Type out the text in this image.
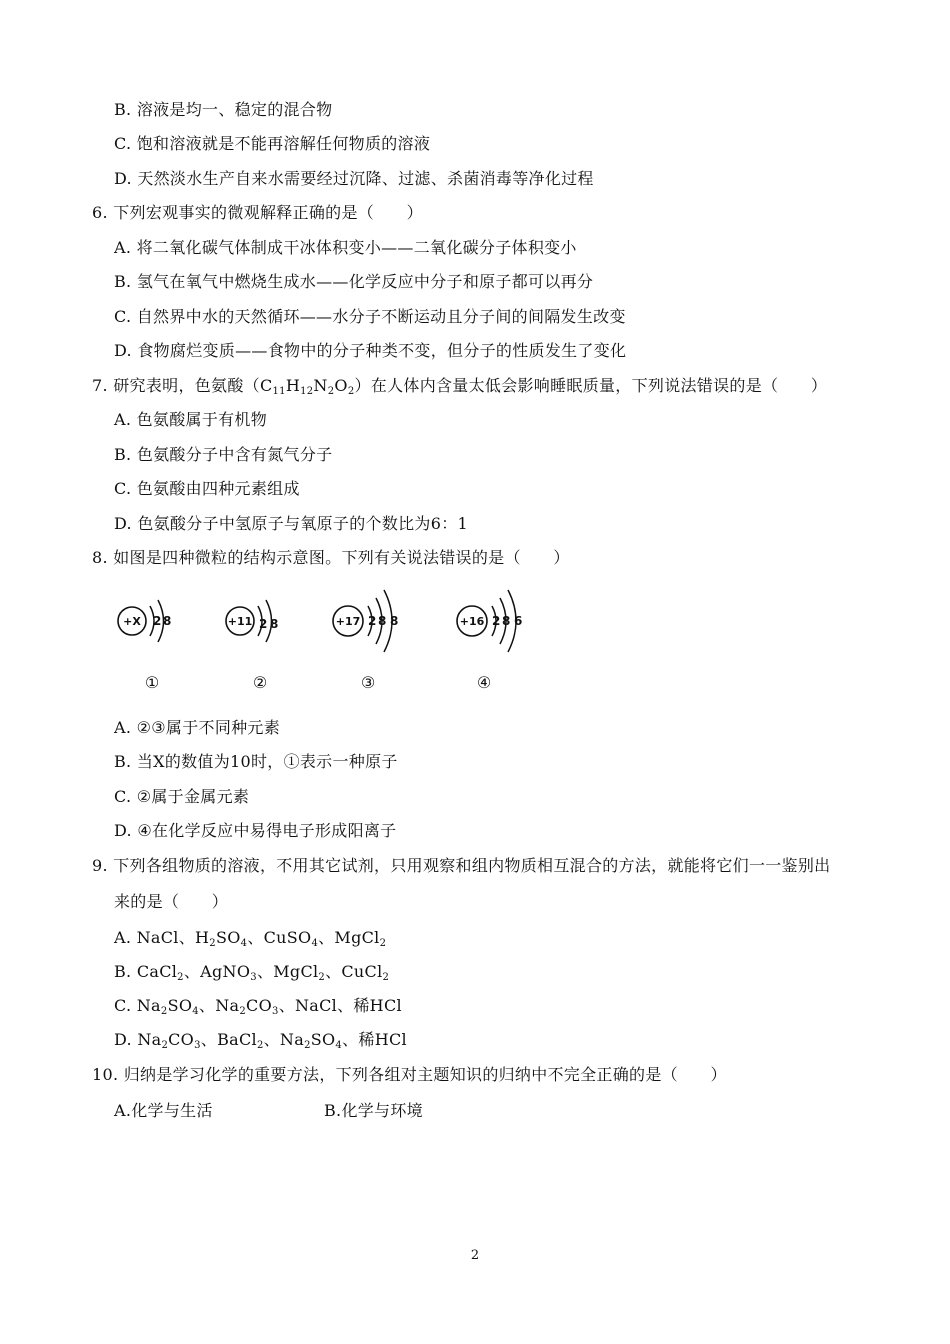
B. 溶液是均一、稳定的混合物
C. 饱和溶液就是不能再溶解任何物质的溶液
D. 天然淡水生产自来水需要经过沉降、过滤、杀菌消毒等净化过程
6. 下列宏观事实的微观解释正确的是（　　）
A. 将二氧化碳气体制成干冰体积变小——二氧化碳分子体积变小
B. 氢气在氧气中燃烧生成水——化学反应中分子和原子都可以再分
C. 自然界中水的天然循环——水分子不断运动且分子间的间隔发生改变
D. 食物腐烂变质——食物中的分子种类不变，但分子的性质发生了变化
7. 研究表明，色氨酸$(C_{11}H_{12}N_2O_2)$在人体内含量太低会影响睡眠质量，下列说法错误的是（　　）
A. 色氨酸属于有机物
B. 色氨酸分子中含有氮气分子
C. 色氨酸由四种元素组成
D. 色氨酸分子中氢原子与氧原子的个数比为6：1
8. 如图是四种微粒的结构示意图。下列有关说法错误的是（　　）
+X 2 8
①
+11 2 8
②
+17 2 8 8
③
+16 2 8 6
④
A. ②③属于不同种元素
B. 当X的数值为10时，①表示一种原子
C. ②属于金属元素
D. ④在化学反应中易得电子形成阳离子
9. 下列各组物质的溶液，不用其它试剂，只用观察和组内物质相互混合的方法，就能将它们一一鉴别出
来的是（　　）
A. NaCl、$H_2SO_4$、CuSO$_4$、MgCl$_2$
B. CaCl$_2$、AgNO$_3$、MgCl$_2$、CuCl$_2$
C. $Na_2SO_4$、$Na_2CO_3$、NaCl、稀HCl
D. $Na_2CO_3$、BaCl$_2$、$Na_2SO_4$、稀HCl
10. 归纳是学习化学的重要方法，下列各组对主题知识的归纳中不完全正确的是（　　）
A.化学与生活	B.化学与环境
2
